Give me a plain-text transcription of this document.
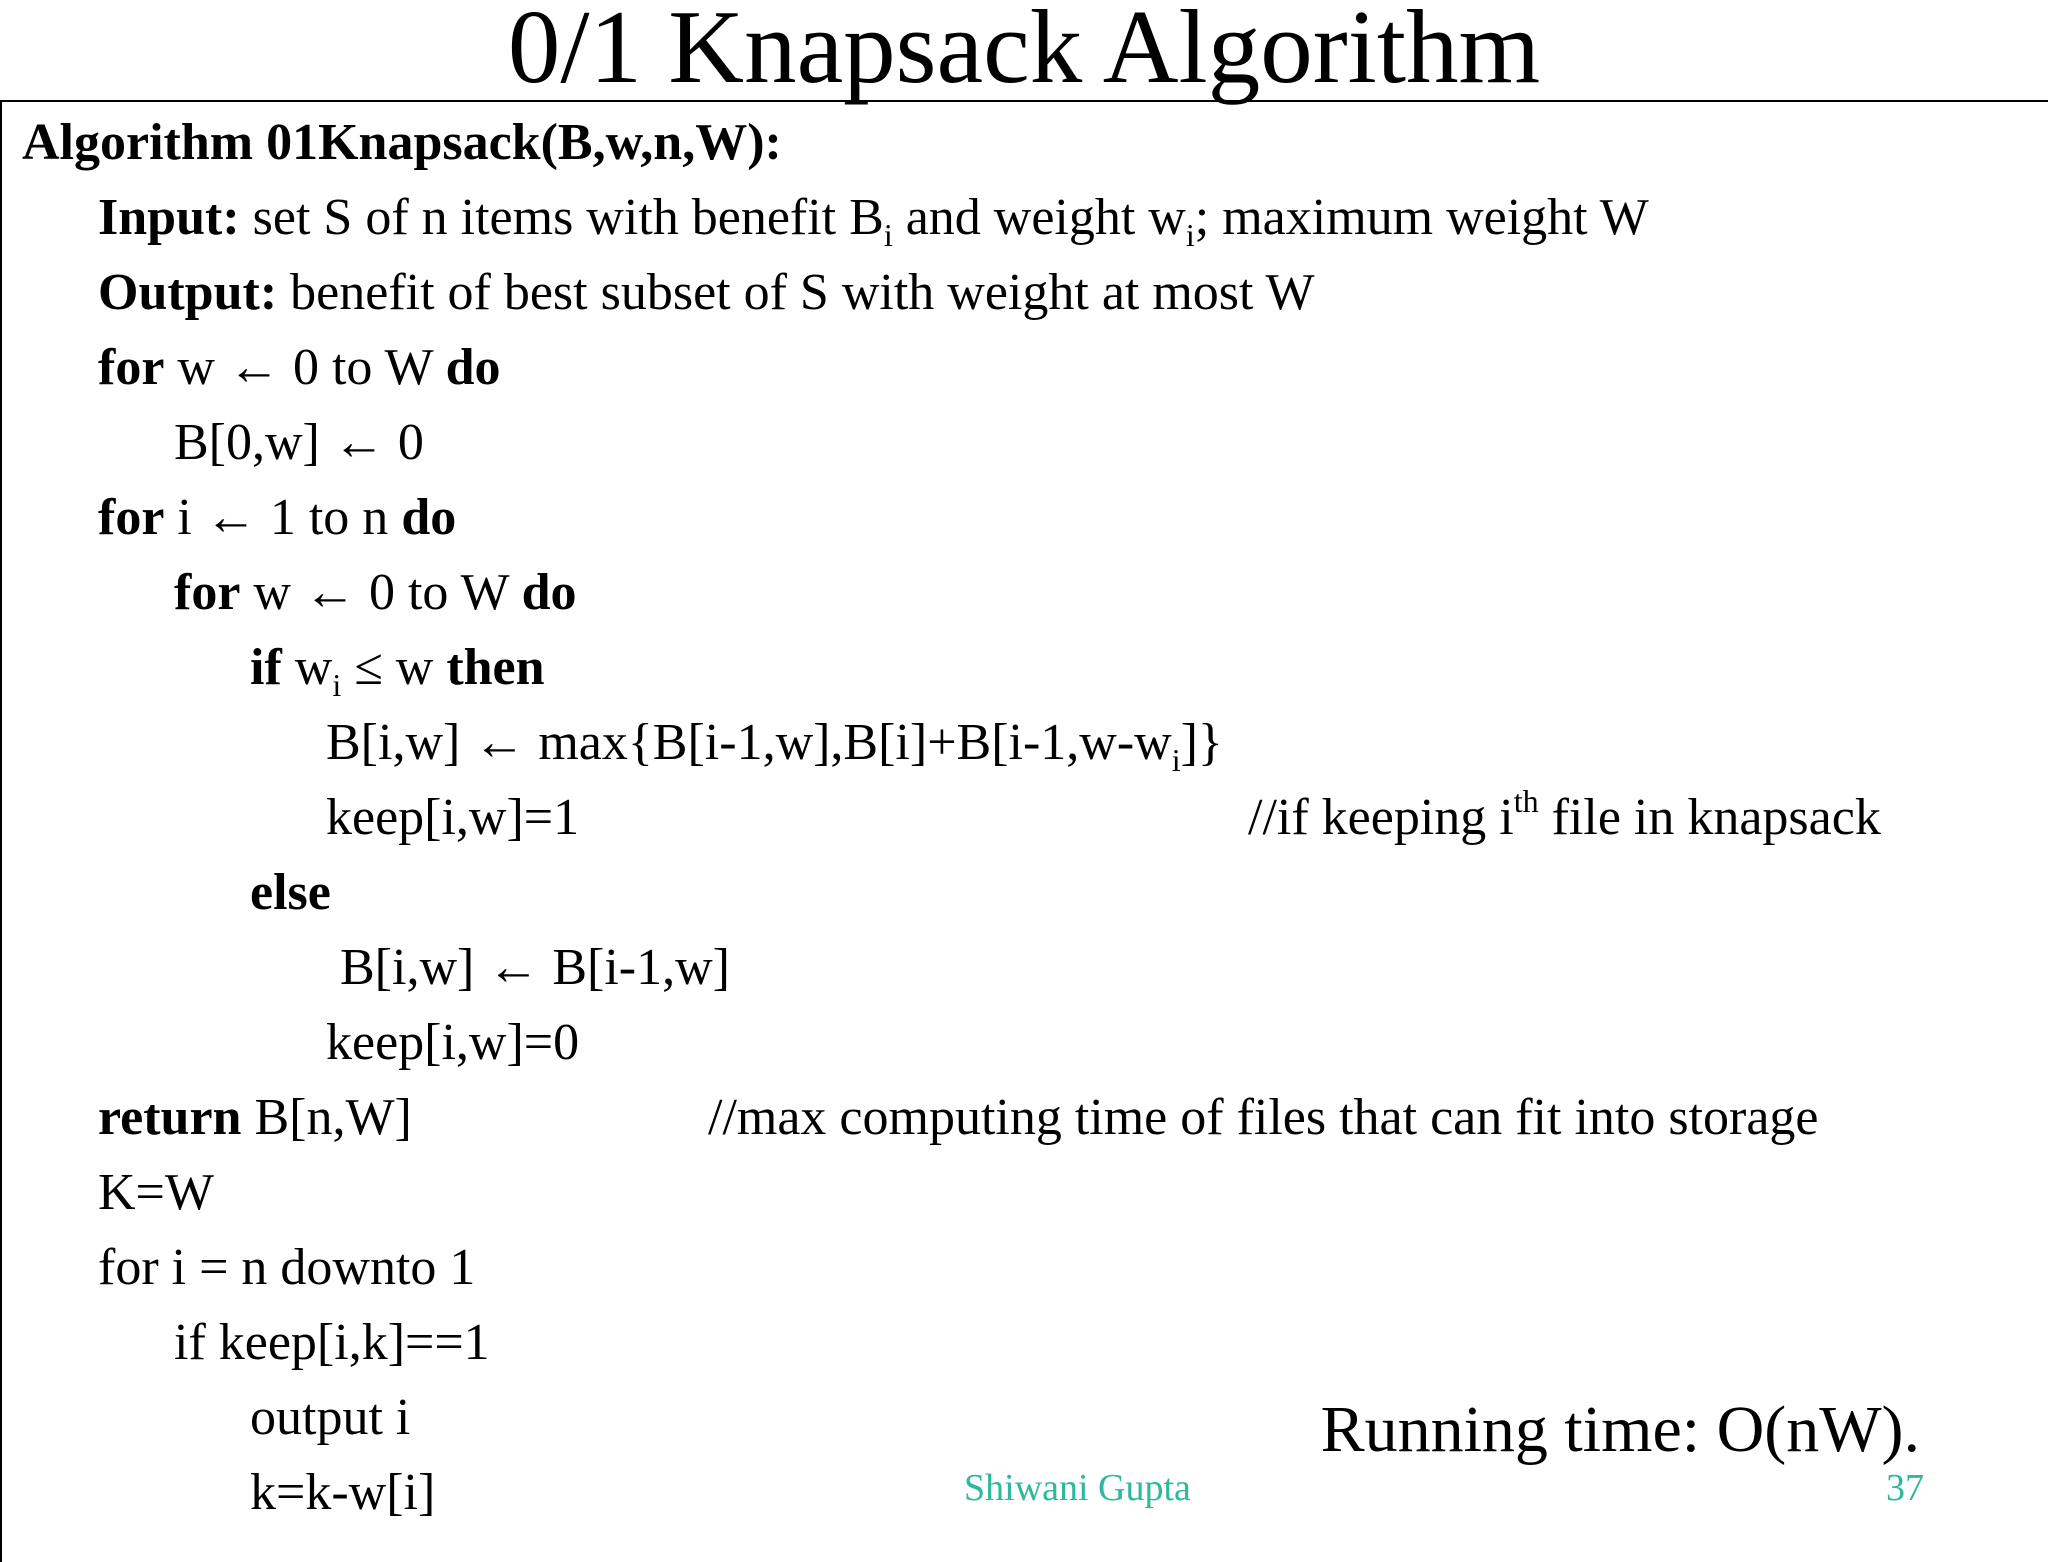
0/1 Knapsack Algorithm
Algorithm 01Knapsack(B,w,n,W):
Input: set S of n items with benefit $B_i$ and weight $w_i$; maximum weight W
Output: benefit of best subset of S with weight at most W
for w ← 0 to W do
B[0,w] ← 0
for i ← 1 to n do
for w ← 0 to W do
if $w_i \le w$ then
B[i,w] ← $\max\{B[i-1,w],B[i]+B[i-1,w-w_i]\}$
keep[i,w]=1	//if keeping $i^{th}$ file in knapsack
else
B[i,w] ← B[i-1,w]
keep[i,w]=0
return B[n,W]	//max computing time of files that can fit into storage
K=W
for i = n downto 1
if keep[i,k]==1
output i
k=k-w[i]
Running time: O(nW).
Shiwani Gupta	37
